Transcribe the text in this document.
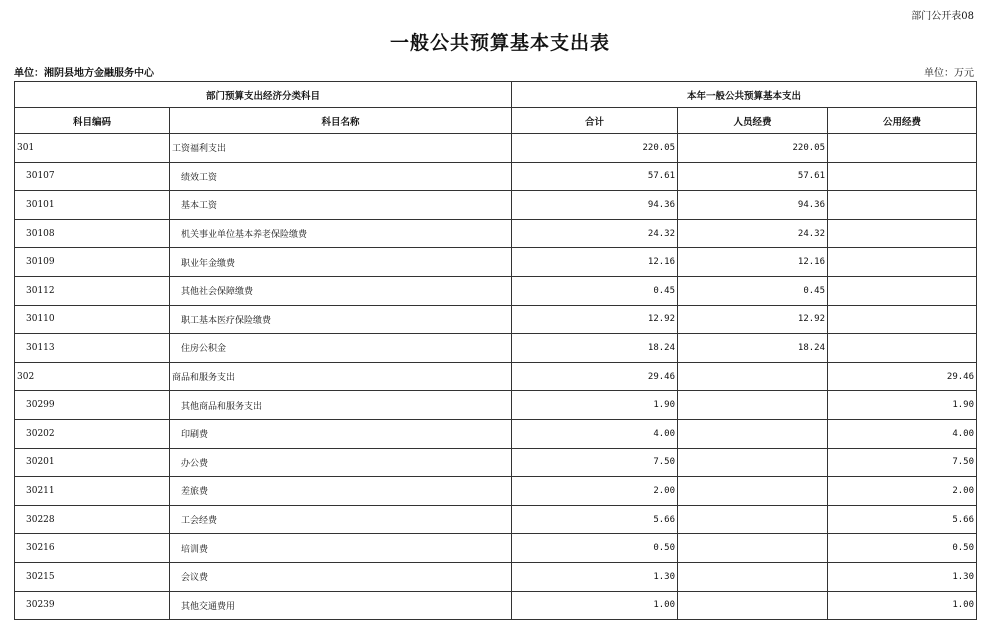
部门公开表08
一般公共预算基本支出表
单位：湘阴县地方金融服务中心	单位：万元
部门预算支出经济分类科目		本年一般公共预算基本支出		
科目编码	科目名称	合计	人员经费	公用经费
301	工资福利支出	220.05	220.05	
30107	绩效工资	57.61	57.61	
30101	基本工资	94.36	94.36	
30108	机关事业单位基本养老保险缴费	24.32	24.32	
30109	职业年金缴费	12.16	12.16	
30112	其他社会保障缴费	0.45	0.45	
30110	职工基本医疗保险缴费	12.92	12.92	
30113	住房公积金	18.24	18.24	
302	商品和服务支出	29.46		29.46
30299	其他商品和服务支出	1.90		1.90
30202	印刷费	4.00		4.00
30201	办公费	7.50		7.50
30211	差旅费	2.00		2.00
30228	工会经费	5.66		5.66
30216	培训费	0.50		0.50
30215	会议费	1.30		1.30
30239	其他交通费用	1.00		1.00
